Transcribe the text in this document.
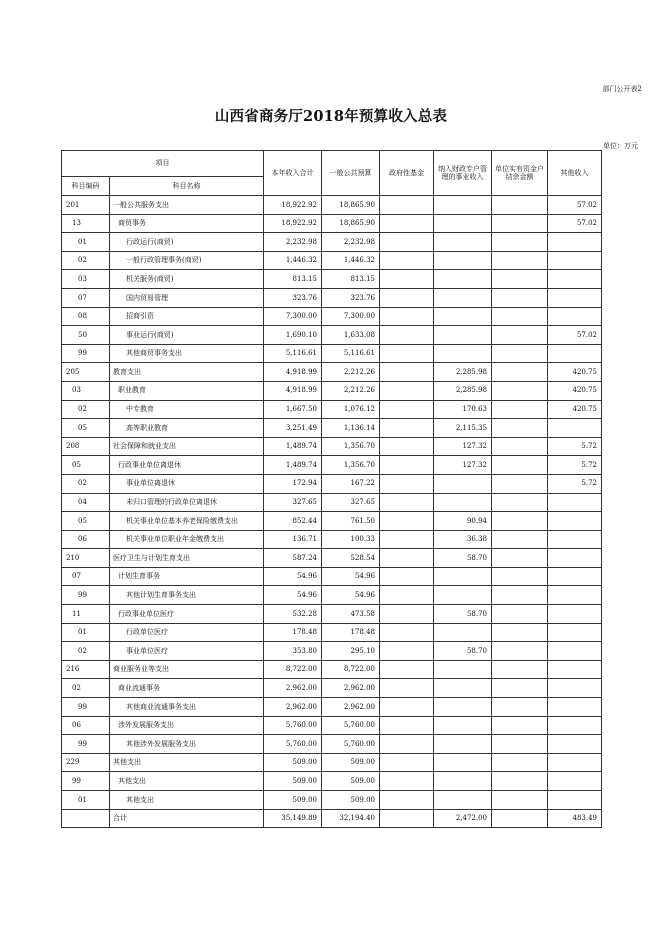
部门公开表2
山西省商务厅2018年预算收入总表
单位：万元
项目		本年收入合计	一般公共预算	政府性基金	纳入财政专户管理的事业收入	单位实有资金户结余金额	其他收入
科目编码	科目名称						
201	一般公共服务支出	18,922.92	18,865.90				57.02
13	商贸事务	18,922.92	18,865.90				57.02
01	行政运行(商贸)	2,232.98	2,232.98				
02	一般行政管理事务(商贸)	1,446.32	1,446.32				
03	机关服务(商贸)	813.15	813.15				
07	国内贸易管理	323.76	323.76				
08	招商引资	7,300.00	7,300.00				
50	事业运行(商贸)	1,690.10	1,633.08				57.02
99	其他商贸事务支出	5,116.61	5,116.61				
205	教育支出	4,918.99	2,212.26		2,285.98		420.75
03	职业教育	4,918.99	2,212.26		2,285.98		420.75
02	中专教育	1,667.50	1,076.12		170.63		420.75
05	高等职业教育	3,251.49	1,136.14		2,115.35		
208	社会保障和就业支出	1,489.74	1,356.70		127.32		5.72
05	行政事业单位离退休	1,489.74	1,356.70		127.32		5.72
02	事业单位离退休	172.94	167.22				5.72
04	未归口管理的行政单位离退休	327.65	327.65				
05	机关事业单位基本养老保险缴费支出	852.44	761.50		90.94		
06	机关事业单位职业年金缴费支出	136.71	100.33		36.38		
210	医疗卫生与计划生育支出	587.24	528.54		58.70		
07	计划生育事务	54.96	54.96				
99	其他计划生育事务支出	54.96	54.96				
11	行政事业单位医疗	532.28	473.58		58.70		
01	行政单位医疗	178.48	178.48				
02	事业单位医疗	353.80	295.10		58.70		
216	商业服务业等支出	8,722.00	8,722.00				
02	商业流通事务	2,962.00	2,962.00				
99	其他商业流通事务支出	2,962.00	2,962.00				
06	涉外发展服务支出	5,760.00	5,760.00				
99	其他涉外发展服务支出	5,760.00	5,760.00				
229	其他支出	509.00	509.00				
99	其他支出	509.00	509.00				
01	其他支出	509.00	509.00				
	合计	35,149.89	32,194.40		2,472.00		483.49
